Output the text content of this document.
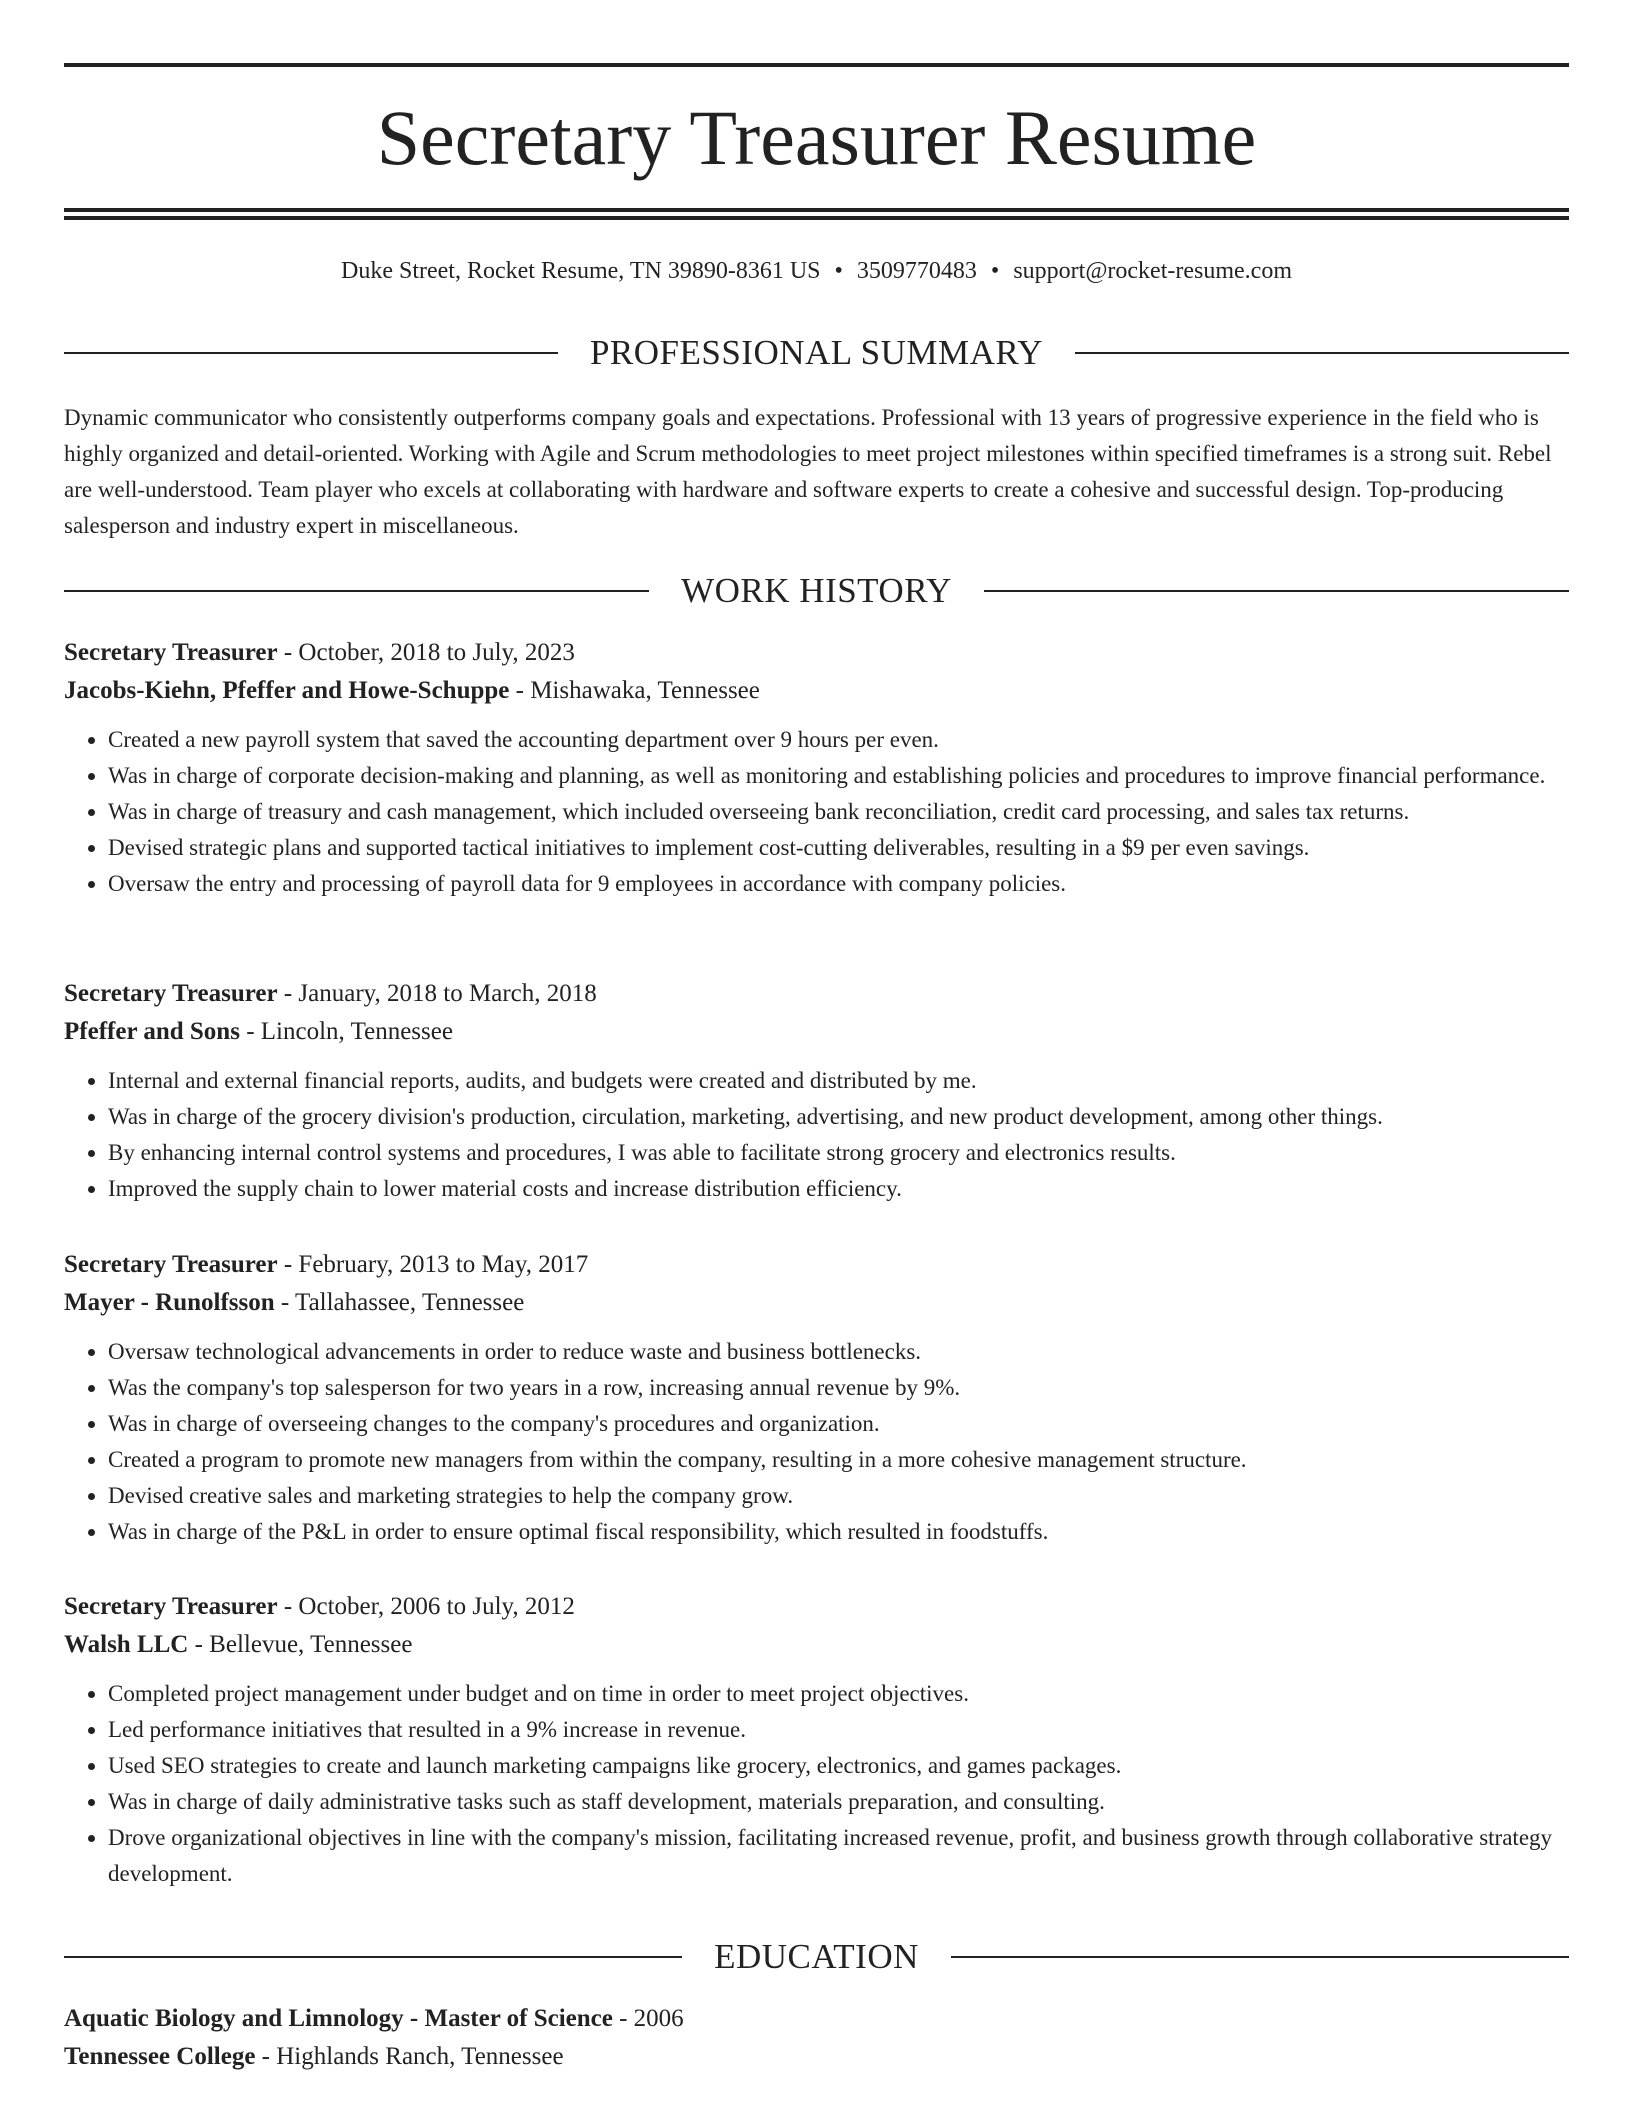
Secretary Treasurer Resume
Duke Street, Rocket Resume, TN 39890-8361 US • 3509770483 • support@rocket-resume.com
PROFESSIONAL SUMMARY

Dynamic communicator who consistently outperforms company goals and expectations. Professional with 13 years of progressive experience in the field who is highly organized and detail-oriented. Working with Agile and Scrum methodologies to meet project milestones within specified timeframes is a strong suit. Rebel are well-understood. Team player who excels at collaborating with hardware and software experts to create a cohesive and successful design. Top-producing salesperson and industry expert in miscellaneous.

WORK HISTORY
Secretary Treasurer - October, 2018 to July, 2023
Jacobs-Kiehn, Pfeffer and Howe-Schuppe - Mishawaka, Tennessee
• Created a new payroll system that saved the accounting department over 9 hours per even.
• Was in charge of corporate decision-making and planning, as well as monitoring and establishing policies and procedures to improve financial performance.
• Was in charge of treasury and cash management, which included overseeing bank reconciliation, credit card processing, and sales tax returns.
• Devised strategic plans and supported tactical initiatives to implement cost-cutting deliverables, resulting in a $9 per even savings.
• Oversaw the entry and processing of payroll data for 9 employees in accordance with company policies.
Secretary Treasurer - January, 2018 to March, 2018
Pfeffer and Sons - Lincoln, Tennessee
• Internal and external financial reports, audits, and budgets were created and distributed by me.
• Was in charge of the grocery division's production, circulation, marketing, advertising, and new product development, among other things.
• By enhancing internal control systems and procedures, I was able to facilitate strong grocery and electronics results.
• Improved the supply chain to lower material costs and increase distribution efficiency.
Secretary Treasurer - February, 2013 to May, 2017
Mayer - Runolfsson - Tallahassee, Tennessee
• Oversaw technological advancements in order to reduce waste and business bottlenecks.
• Was the company's top salesperson for two years in a row, increasing annual revenue by 9%.
• Was in charge of overseeing changes to the company's procedures and organization.
• Created a program to promote new managers from within the company, resulting in a more cohesive management structure.
• Devised creative sales and marketing strategies to help the company grow.
• Was in charge of the P&L in order to ensure optimal fiscal responsibility, which resulted in foodstuffs.
Secretary Treasurer - October, 2006 to July, 2012
Walsh LLC - Bellevue, Tennessee
• Completed project management under budget and on time in order to meet project objectives.
• Led performance initiatives that resulted in a 9% increase in revenue.
• Used SEO strategies to create and launch marketing campaigns like grocery, electronics, and games packages.
• Was in charge of daily administrative tasks such as staff development, materials preparation, and consulting.
• Drove organizational objectives in line with the company's mission, facilitating increased revenue, profit, and business growth through collaborative strategy development.
EDUCATION
Aquatic Biology and Limnology - Master of Science - 2006
Tennessee College - Highlands Ranch, Tennessee
